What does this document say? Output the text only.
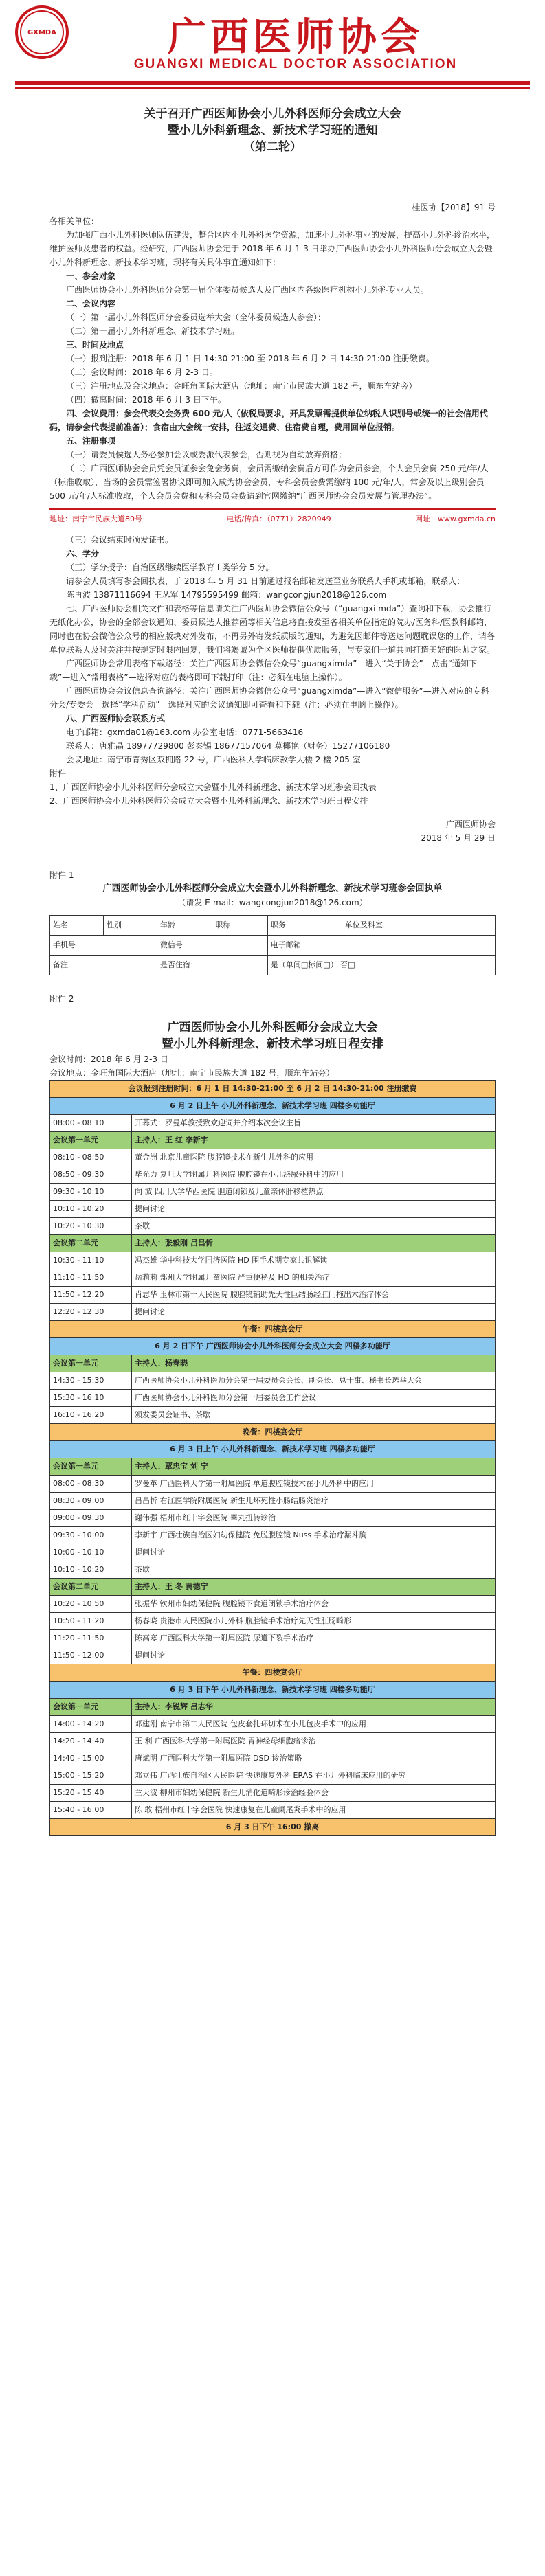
GXMDA	广西医师协会
GUANGXI MEDICAL DOCTOR ASSOCIATION
关于召开广西医师协会小儿外科医师分会成立大会
暨小儿外科新理念、新技术学习班的通知
（第二轮）
桂医协【2018】91 号
各相关单位：

为加强广西小儿外科医师队伍建设，整合区内小儿外科医学资源，加速小儿外科事业的发展，提高小儿外科诊治水平，维护医师及患者的权益。经研究，广西医师协会定于 2018 年 6 月 1-3 日举办广西医师协会小儿外科医师分会成立大会暨小儿外科新理念、新技术学习班，现将有关具体事宜通知如下：

一、参会对象

广西医师协会小儿外科医师分会第一届全体委员候选人及广西区内各级医疗机构小儿外科专业人员。

二、会议内容

（一）第一届小儿外科医师分会委员选举大会（全体委员候选人参会）；

（二）第一届小儿外科新理念、新技术学习班。

三、时间及地点

（一）报到注册：2018 年 6 月 1 日 14:30-21:00 至 2018 年 6 月 2 日 14:30-21:00 注册缴费。

（二）会议时间：2018 年 6 月 2-3 日。

（三）注册地点及会议地点：金旺角国际大酒店（地址：南宁市民族大道 182 号，顺东车站旁）

（四）撤离时间：2018 年 6 月 3 日下午。

四、会议费用：参会代表交会务费 600 元/人（依税局要求，开具发票需提供单位纳税人识别号或统一的社会信用代码，请参会代表提前准备）；食宿由大会统一安排，往返交通费、住宿费自理，费用回单位报销。

五、注册事项

（一）请委员候选人务必参加会议或委派代表参会，否则视为自动放弃资格；

（二）广西医师协会会员凭会员证参会免会务费，会员需缴纳会费后方可作为会员参会，个人会员会费 250 元/年/人（标准收取），当场的会员需签署协议即可加入成为协会会员，专科会员会费需缴纳 100 元/年/人，常会及以上级别会员 500 元/年/人标准收取，个人会员会费和专科会员会费请到官网缴纳“广西医师协会会员发展与管理办法”。

地址：南宁市民族大道80号	电话/传真：（0771）2820949	网址：www.gxmda.cn

（三）会议结束时颁发证书。

六、学分

（三）学分授予：自治区级继续医学教育 I 类学分 5 分。

请参会人员填写参会回执表，于 2018 年 5 月 31 日前通过报名邮箱发送至业务联系人手机或邮箱，联系人：

陈再波 13871116694 王丛军 14795595499 邮箱：wangcongjun2018@126.com

七、广西医师协会相关文件和表格等信息请关注广西医师协会微信公众号（“guangxi mda”）查询和下载，协会推行无纸化办公，协会的全部会议通知、委员候选人推荐函等相关信息将直接发至各相关单位指定的院办/医务科/医教科邮箱，同时也在协会微信公众号的相应版块对外发布，不再另外寄发纸质版的通知，为避免因邮件等送达问题耽误您的工作，请各单位联系人及时关注并按规定时限内回复，我们将竭诚为全区医师提供优质服务，与专家们一道共同打造美好的医师之家。

广西医师协会常用表格下载路径：关注广西医师协会微信公众号“guangximda”—进入“关于协会”—点击“通知下载”—进入“常用表格”—选择对应的表格即可下载打印（注：必须在电脑上操作）。

广西医师协会会议信息查询路径：关注广西医师协会微信公众号“guangximda”—进入“微信服务”—进入对应的专科分会/专委会—选择“学科活动”—选择对应的会议通知即可查看和下载（注：必须在电脑上操作）。

八、广西医师协会联系方式

电子邮箱：gxmda01@163.com 办公室电话：0771-5663416

联系人：唐雅晶 18977729800 彭秦锡 18677157064 莫椰艳（财务）15277106180

会议地址：南宁市青秀区双拥路 22 号，广西医科大学临床教学大楼 2 楼 205 室

附件
1、广西医师协会小儿外科医师分会成立大会暨小儿外科新理念、新技术学习班参会回执表
2、广西医师协会小儿外科医师分会成立大会暨小儿外科新理念、新技术学习班日程安排
广西医师协会
2018 年 5 月 29 日
附件 1
广西医师协会小儿外科医师分会成立大会暨小儿外科新理念、新技术学习班参会回执单
（请发 E-mail：wangcongjun2018@126.com）
姓名	性别	年龄	职称	职务	单位及科室
手机号		微信号		电子邮箱	
备注		是否住宿：		是（单间□标间□） 否□	
附件 2
广西医师协会小儿外科医师分会成立大会
暨小儿外科新理念、新技术学习班日程安排
会议时间：2018 年 6 月 2-3 日
会议地点：金旺角国际大酒店（地址：南宁市民族大道 182 号，顺东车站旁）
会议报到注册时间：6 月 1 日 14:30-21:00 至 6 月 2 日 14:30-21:00 注册缴费	
6 月 2 日上午 小儿外科新理念、新技术学习班 四楼多功能厅	
08:00 - 08:10	开幕式：罗曼革教授致欢迎词并介绍本次会议主旨
会议第一单元	主持人：王 红 李新宇
08:10 - 08:50	董金洲 北京儿童医院 腹腔镜技术在新生儿外科的应用
08:50 - 09:30	毕允力 复旦大学附属儿科医院 腹腔镜在小儿泌尿外科中的应用
09:30 - 10:10	向 波 四川大学华西医院 胆道闭锁及儿童亲体肝移植热点
10:10 - 10:20	提问讨论
10:20 - 10:30	茶歇
会议第二单元	主持人：张毅刚 吕昌忻
10:30 - 11:10	冯杰雄 华中科技大学同济医院 HD 围手术期专家共识解读
11:10 - 11:50	岳莉莉 郑州大学附属儿童医院 严重便秘及 HD 的相关治疗
11:50 - 12:20	肖志华 玉林市第一人民医院 腹腔镜辅助先天性巨结肠经肛门拖出术治疗体会
12:20 - 12:30	提问讨论
午餐：四楼宴会厅	
6 月 2 日下午 广西医师协会小儿外科医师分会成立大会 四楼多功能厅	
会议第一单元	主持人：杨春晓
14:30 - 15:30	广西医师协会小儿外科医师分会第一届委员会会长、副会长、总干事、秘书长选举大会
15:30 - 16:10	广西医师协会小儿外科医师分会第一届委员会工作会议
16:10 - 16:20	颁发委员会证书、茶歇
晚餐：四楼宴会厅	
6 月 3 日上午 小儿外科新理念、新技术学习班 四楼多功能厅	
会议第一单元	主持人：覃忠宝 刘 宁
08:00 - 08:30	罗曼革 广西医科大学第一附属医院 单道腹腔镜技术在小儿外科中的应用
08:30 - 09:00	吕昌忻 右江医学院附属医院 新生儿坏死性小肠结肠炎治疗
09:00 - 09:30	谢伟强 梧州市红十字会医院 睾丸扭转诊治
09:30 - 10:00	李新宇 广西壮族自治区妇幼保健院 免脱腹腔镜 Nuss 手术治疗漏斗胸
10:00 - 10:10	提问讨论
10:10 - 10:20	茶歇
会议第二单元	主持人：王 冬 黄德宁
10:20 - 10:50	张振华 钦州市妇幼保健院 腹腔镜下食道闭锁手术治疗体会
10:50 - 11:20	杨春晓 贵港市人民医院小儿外科 腹腔镜手术治疗先天性肛肠畸形
11:20 - 11:50	陈高寒 广西医科大学第一附属医院 尿道下裂手术治疗
11:50 - 12:00	提问讨论
午餐：四楼宴会厅	
6 月 3 日下午 小儿外科新理念、新技术学习班 四楼多功能厅	
会议第一单元	主持人：李锐辉 吕志华
14:00 - 14:20	邓建刚 南宁市第二人民医院 包皮套扎环切术在小儿包皮手术中的应用
14:20 - 14:40	王 利 广西医科大学第一附属医院 胃神经母细胞瘤诊治
14:40 - 15:00	唐斌明 广西医科大学第一附属医院 DSD 诊治策略
15:00 - 15:20	邓立伟 广西壮族自治区人民医院 快速康复外科 ERAS 在小儿外科临床应用的研究
15:20 - 15:40	兰天波 柳州市妇幼保健院 新生儿消化道畸形诊治经验体会
15:40 - 16:00	陈 敢 梧州市红十字会医院 快速康复在儿童阑尾炎手术中的应用
6 月 3 日下午 16:00 撤离	
